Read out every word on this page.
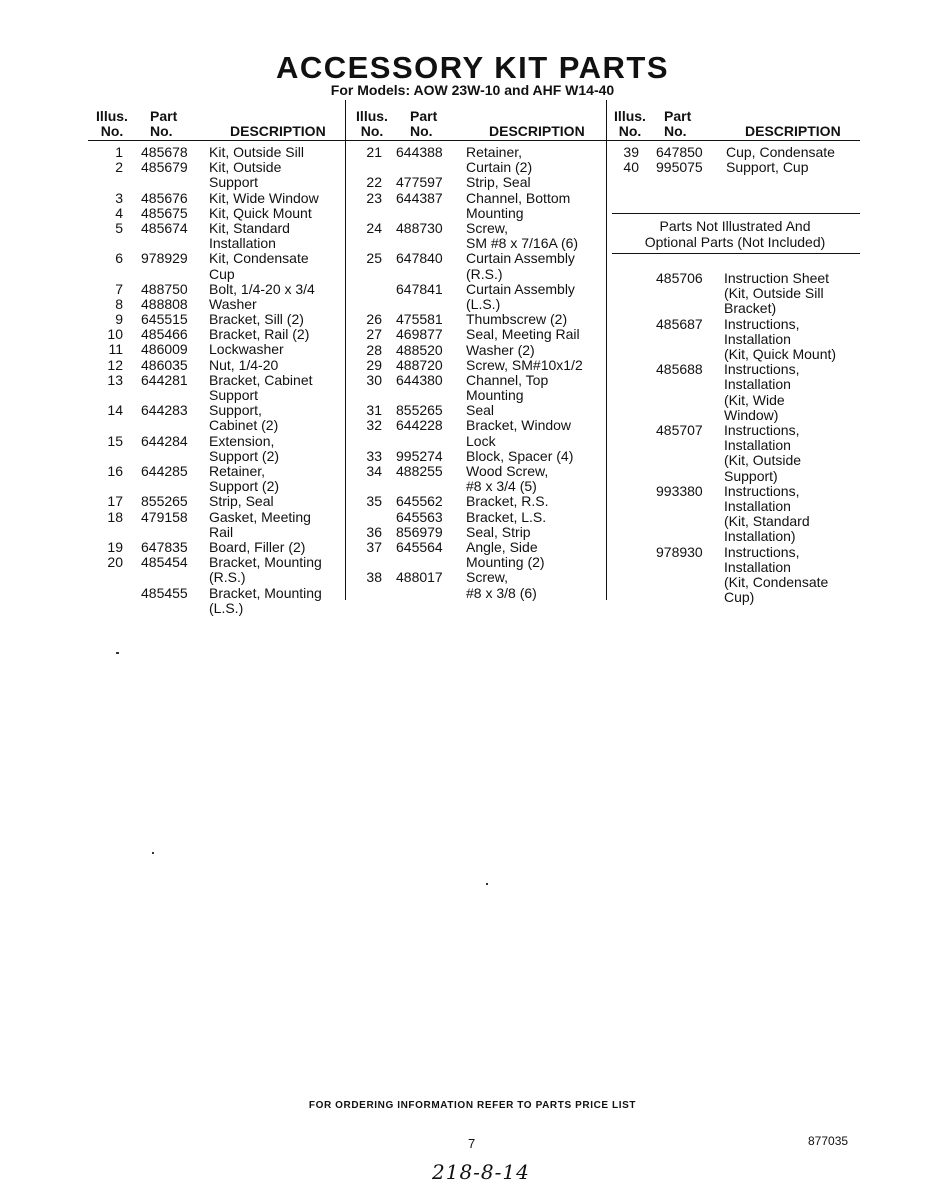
ACCESSORY KIT PARTS
For Models: AOW 23W-10 and AHF W14-40
Illus.
No.
Part
No.	DESCRIPTION
Illus.
No.
Part
No.	DESCRIPTION
Illus.
No.
Part
No.	DESCRIPTION
1 485678 Kit, Outside Sill
2 485679 Kit, Outside
Support
3 485676 Kit, Wide Window
4 485675 Kit, Quick Mount
5 485674 Kit, Standard
Installation
6 978929 Kit, Condensate
Cup
7 488750 Bolt, 1/4-20 x 3/4
8 488808 Washer
9 645515 Bracket, Sill (2)
10 485466 Bracket, Rail (2)
11 486009 Lockwasher
12 486035 Nut, 1/4-20
13 644281 Bracket, Cabinet
Support
14 644283 Support,
Cabinet (2)
15 644284 Extension,
Support (2)
16 644285 Retainer,
Support (2)
17 855265 Strip, Seal
18 479158 Gasket, Meeting
Rail
19 647835 Board, Filler (2)
20 485454 Bracket, Mounting
(R.S.)
485455 Bracket, Mounting
(L.S.)
21 644388 Retainer,
Curtain (2)
22 477597 Strip, Seal
23 644387 Channel, Bottom
Mounting
24 488730 Screw,
SM #8 x 7/16A (6)
25 647840 Curtain Assembly
(R.S.)
647841 Curtain Assembly
(L.S.)
26 475581 Thumbscrew (2)
27 469877 Seal, Meeting Rail
28 488520 Washer (2)
29 488720 Screw, SM#10x1/2
30 644380 Channel, Top
Mounting
31 855265 Seal
32 644228 Bracket, Window
Lock
33 995274 Block, Spacer (4)
34 488255 Wood Screw,
#8 x 3/4 (5)
35 645562 Bracket, R.S.
645563 Bracket, L.S.
36 856979 Seal, Strip
37 645564 Angle, Side
Mounting (2)
38 488017 Screw,
#8 x 3/8 (6)
39 647850 Cup, Condensate
40 995075 Support, Cup
Parts Not Illustrated And
Optional Parts (Not Included)
485706 Instruction Sheet
(Kit, Outside Sill
Bracket)
485687 Instructions,
Installation
(Kit, Quick Mount)
485688 Instructions,
Installation
(Kit, Wide
Window)
485707 Instructions,
Installation
(Kit, Outside
Support)
993380 Instructions,
Installation
(Kit, Standard
Installation)
978930 Instructions,
Installation
(Kit, Condensate
Cup)
FOR ORDERING INFORMATION REFER TO PARTS PRICE LIST
7	877035
218-8-14
